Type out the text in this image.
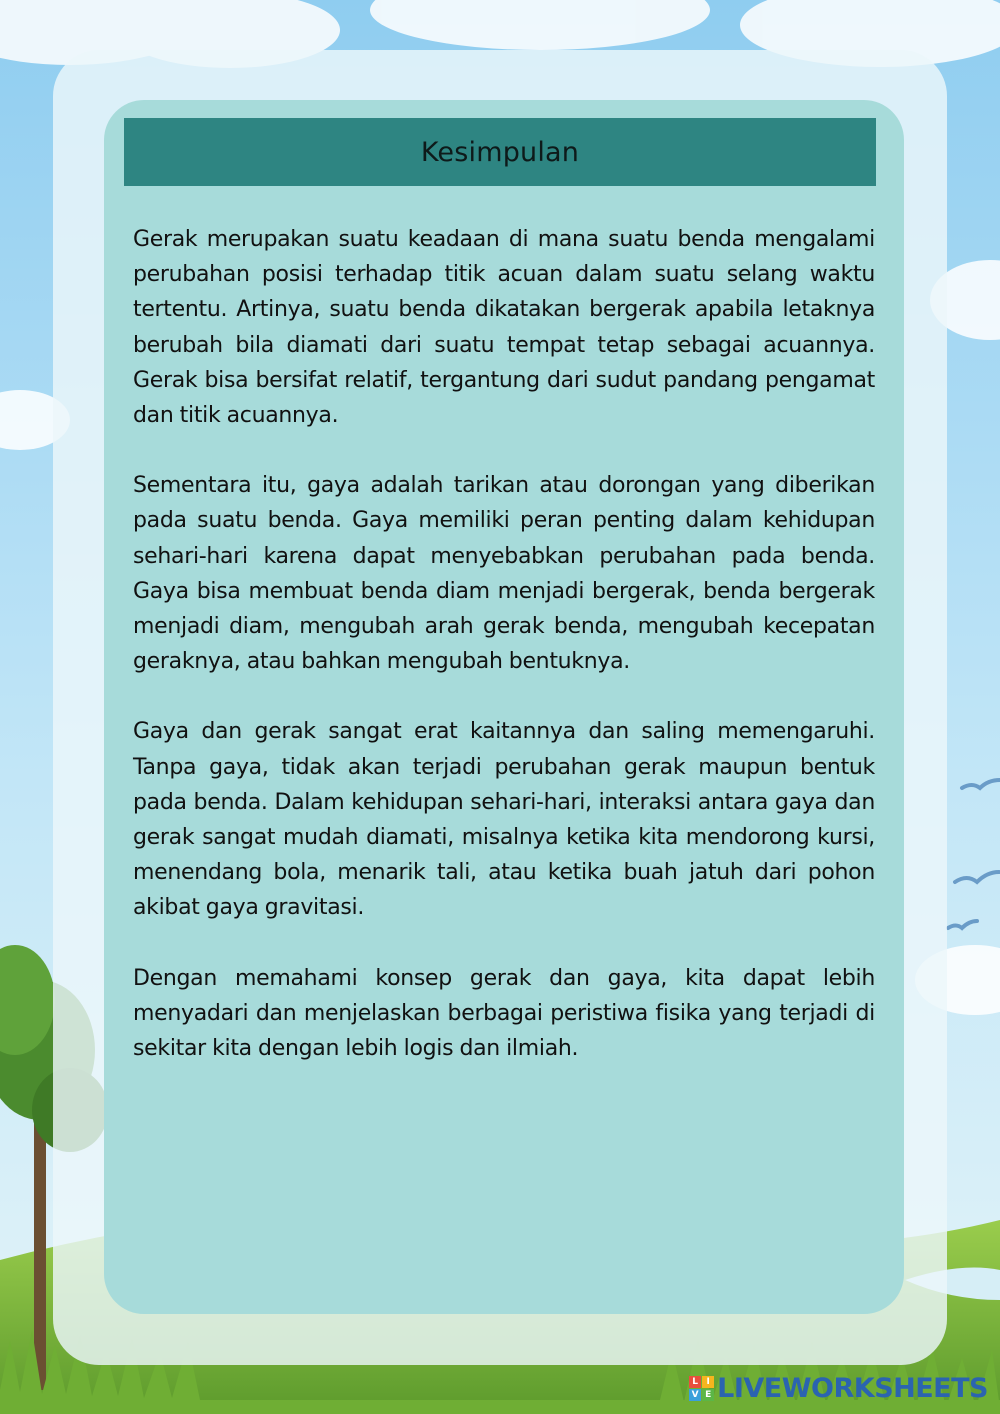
Kesimpulan

Gerak merupakan suatu keadaan di mana suatu benda mengalami perubahan posisi terhadap titik acuan dalam suatu selang waktu tertentu. Artinya, suatu benda dikatakan bergerak apabila letaknya berubah bila diamati dari suatu tempat tetap sebagai acuannya. Gerak bisa bersifat relatif, tergantung dari sudut pandang pengamat dan titik acuannya.

Sementara itu, gaya adalah tarikan atau dorongan yang diberikan pada suatu benda. Gaya memiliki peran penting dalam kehidupan sehari-hari karena dapat menyebabkan perubahan pada benda. Gaya bisa membuat benda diam menjadi bergerak, benda bergerak menjadi diam, mengubah arah gerak benda, mengubah kecepatan geraknya, atau bahkan mengubah bentuknya.

Gaya dan gerak sangat erat kaitannya dan saling memengaruhi. Tanpa gaya, tidak akan terjadi perubahan gerak maupun bentuk pada benda. Dalam kehidupan sehari-hari, interaksi antara gaya dan gerak sangat mudah diamati, misalnya ketika kita mendorong kursi, menendang bola, menarik tali, atau ketika buah jatuh dari pohon akibat gaya gravitasi.

Dengan memahami konsep gerak dan gaya, kita dapat lebih menyadari dan menjelaskan berbagai peristiwa fisika yang terjadi di sekitar kita dengan lebih logis dan ilmiah.

L I
V E LIVEWORKSHEETS
